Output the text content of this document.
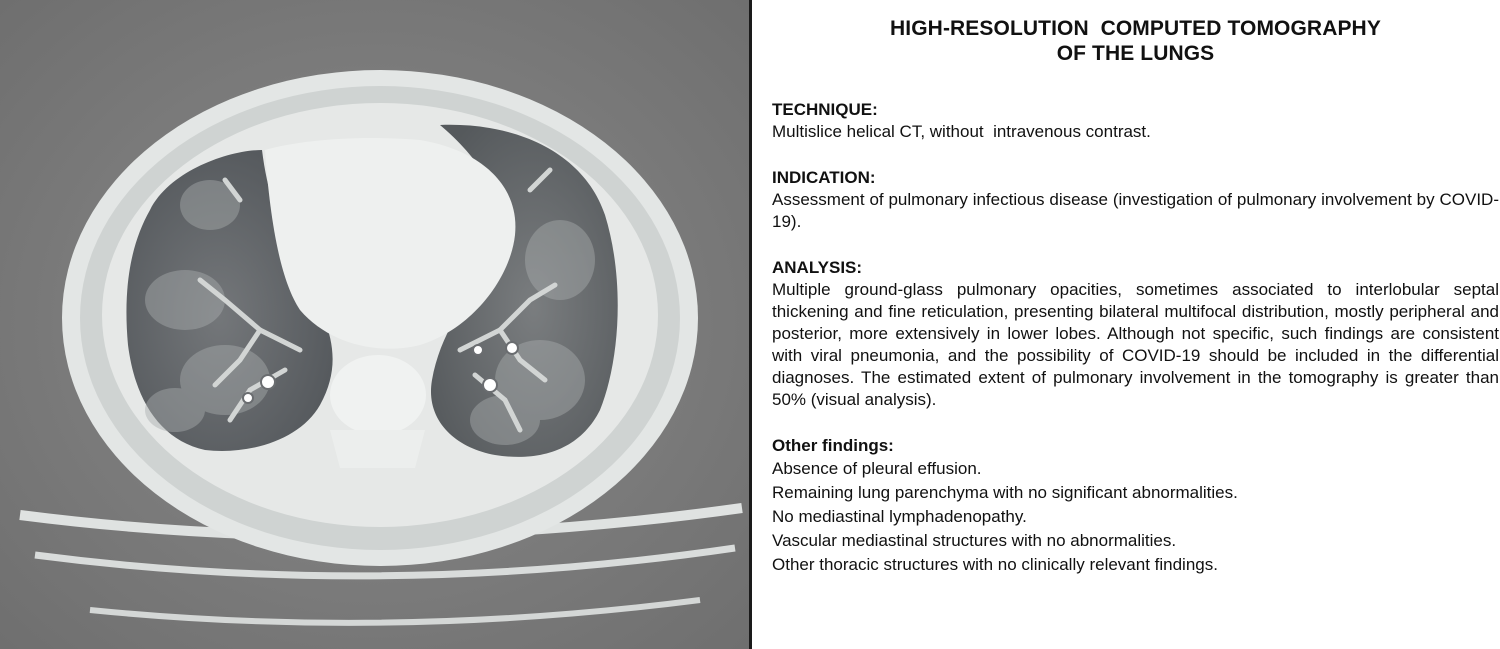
HIGH-RESOLUTION  COMPUTED TOMOGRAPHY
OF THE LUNGS

TECHNIQUE:

Multislice helical CT, without  intravenous contrast.

INDICATION:

Assessment of pulmonary infectious disease (investigation of pulmonary involvement by COVID-19).

ANALYSIS:

Multiple ground-glass pulmonary opacities, sometimes associated to interlobular septal thickening and fine reticulation, presenting bilateral multifocal distribution, mostly peripheral and posterior, more extensively in lower lobes. Although not specific, such findings are consistent with viral pneumonia, and the possibility of COVID-19 should be included in the differential diagnoses. The estimated extent of pulmonary involvement in the tomography is greater than 50% (visual analysis).

Other findings:

Absence of pleural effusion.
Remaining lung parenchyma with no significant abnormalities.
No mediastinal lymphadenopathy.
Vascular mediastinal structures with no abnormalities.
Other thoracic structures with no clinically relevant findings.
